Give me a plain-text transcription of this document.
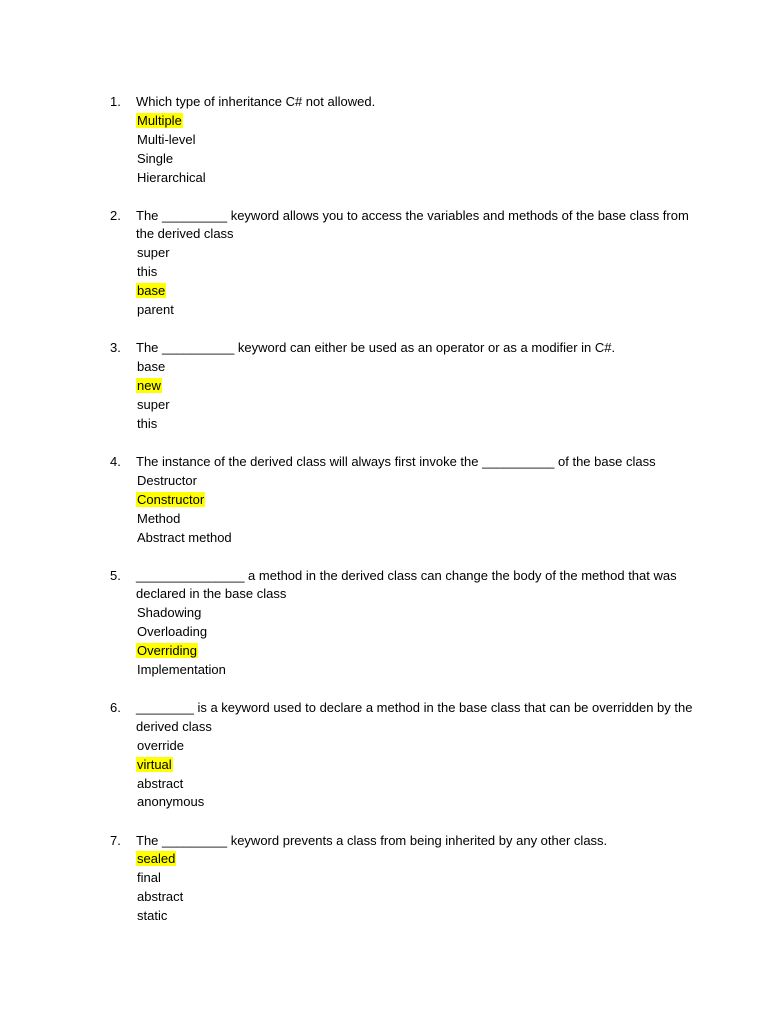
1.	Which type of inheritance C# not allowed.
Multiple
Multi-level
Single
Hierarchical
2.	The _________ keyword allows you to access the variables and methods of the base class from the derived class
super
this
base
parent
3.	The __________ keyword can either be used as an operator or as a modifier in C#.
base
new
super
this
4.	The instance of the derived class will always first invoke the __________ of the base class
Destructor
Constructor
Method
Abstract method
5.	_______________ a method in the derived class can change the body of the method that was declared in the base class
Shadowing
Overloading
Overriding
Implementation
6.	________ is a keyword used to declare a method in the base class that can be overridden by the derived class
override
virtual
abstract
anonymous
7.	The _________ keyword prevents a class from being inherited by any other class.
sealed
final
abstract
static
